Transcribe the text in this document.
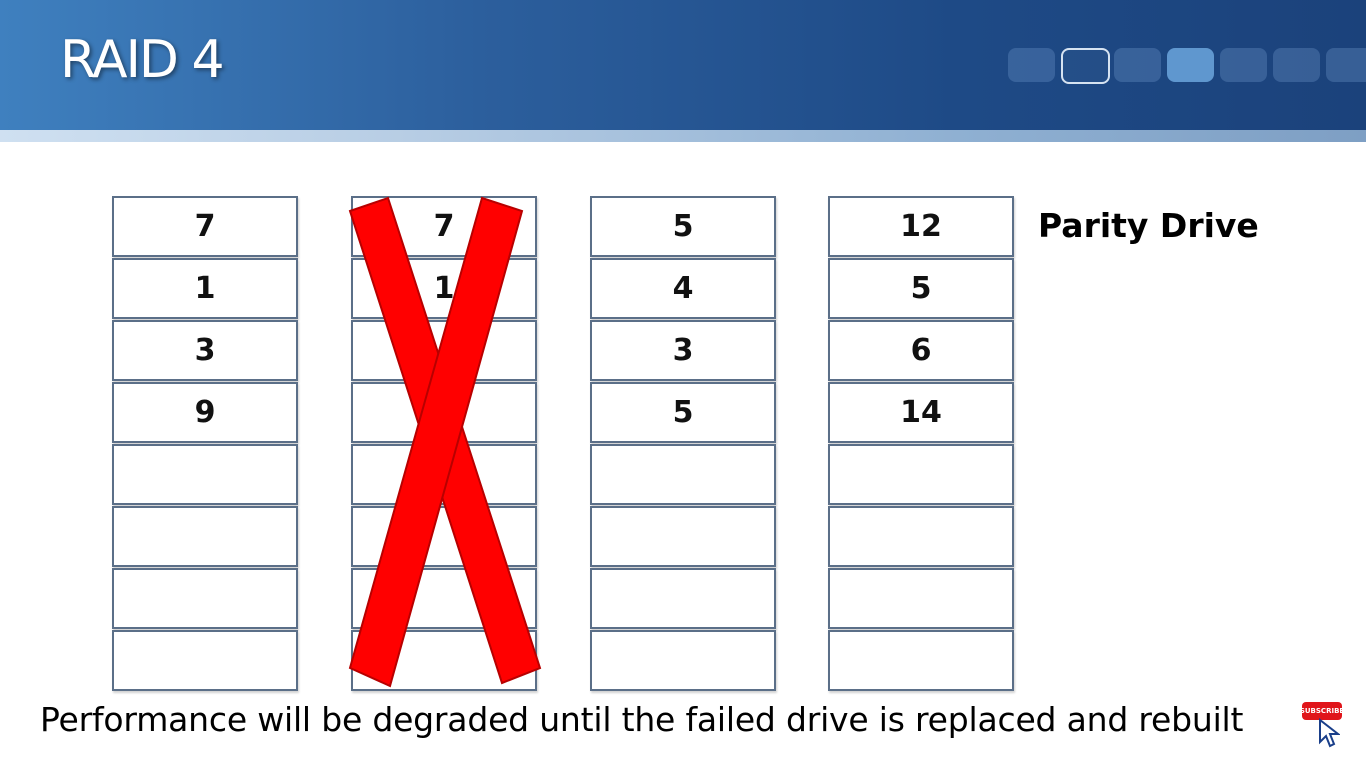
RAID 4
7
1
3
9
7
1
5
4
3
5
12
5
6
14

Parity Drive

Performance will be degraded until the failed drive is replaced and rebuilt	SUBSCRIBE
